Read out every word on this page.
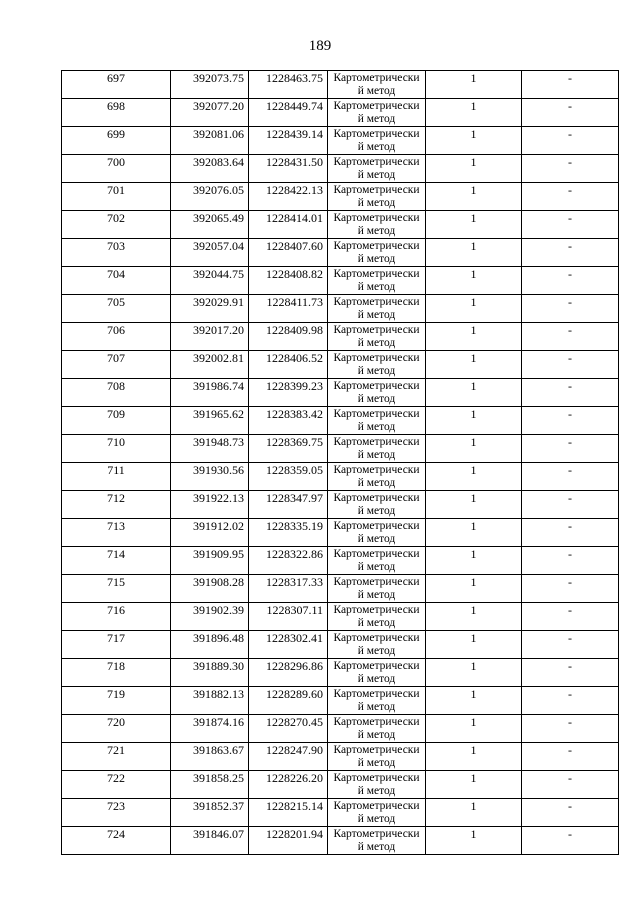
189
697	392073.75	1228463.75	Картометрически
й метод	1	-
698	392077.20	1228449.74	Картометрически
й метод	1	-
699	392081.06	1228439.14	Картометрически
й метод	1	-
700	392083.64	1228431.50	Картометрически
й метод	1	-
701	392076.05	1228422.13	Картометрически
й метод	1	-
702	392065.49	1228414.01	Картометрически
й метод	1	-
703	392057.04	1228407.60	Картометрически
й метод	1	-
704	392044.75	1228408.82	Картометрически
й метод	1	-
705	392029.91	1228411.73	Картометрически
й метод	1	-
706	392017.20	1228409.98	Картометрически
й метод	1	-
707	392002.81	1228406.52	Картометрически
й метод	1	-
708	391986.74	1228399.23	Картометрически
й метод	1	-
709	391965.62	1228383.42	Картометрически
й метод	1	-
710	391948.73	1228369.75	Картометрически
й метод	1	-
711	391930.56	1228359.05	Картометрически
й метод	1	-
712	391922.13	1228347.97	Картометрически
й метод	1	-
713	391912.02	1228335.19	Картометрически
й метод	1	-
714	391909.95	1228322.86	Картометрически
й метод	1	-
715	391908.28	1228317.33	Картометрически
й метод	1	-
716	391902.39	1228307.11	Картометрически
й метод	1	-
717	391896.48	1228302.41	Картометрически
й метод	1	-
718	391889.30	1228296.86	Картометрически
й метод	1	-
719	391882.13	1228289.60	Картометрически
й метод	1	-
720	391874.16	1228270.45	Картометрически
й метод	1	-
721	391863.67	1228247.90	Картометрически
й метод	1	-
722	391858.25	1228226.20	Картометрически
й метод	1	-
723	391852.37	1228215.14	Картометрически
й метод	1	-
724	391846.07	1228201.94	Картометрически
й метод	1	-
